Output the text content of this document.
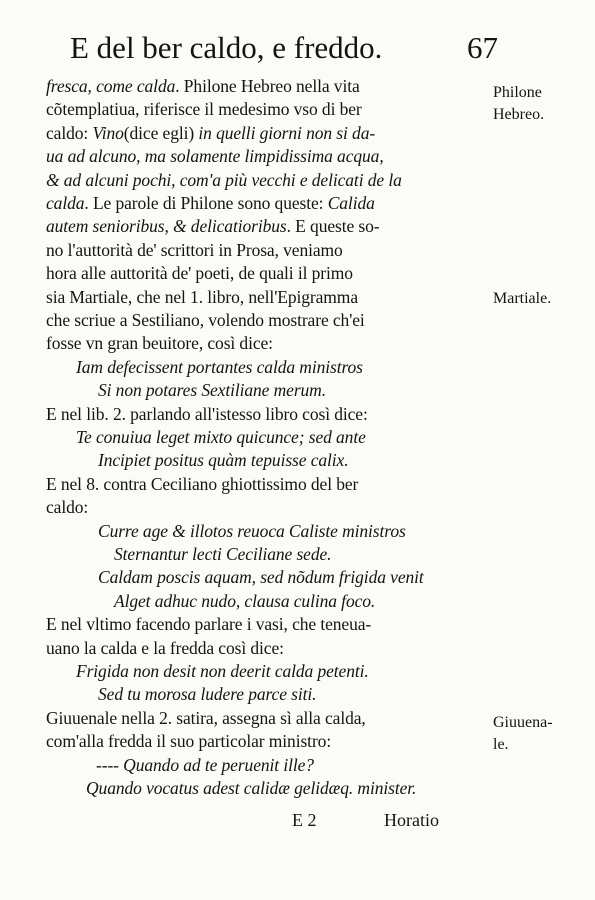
E del ber caldo, e freddo.	67
fresca, come calda. Philone Hebreo nella vita
cõtemplatiua, riferisce il medesimo vso di ber
caldo: Vino(dice egli) in quelli giorni non si da-
ua ad alcuno, ma solamente limpidissima acqua,
& ad alcuni pochi, com'a più vecchi e delicati de la
calda. Le parole di Philone sono queste: Calida
autem senioribus, & delicatioribus. E queste so-
no l'auttorità de' scrittori in Prosa, veniamo
hora alle auttorità de' poeti, de quali il primo
sia Martiale, che nel 1. libro, nell'Epigramma
che scriue a Sestiliano, volendo mostrare ch'ei
fosse vn gran beuitore, così dice:
Iam defecissent portantes calda ministros
Si non potares Sextiliane merum.
E nel lib. 2. parlando all'istesso libro così dice:
Te conuiua leget mixto quicunce; sed ante
Incipiet positus quàm tepuisse calix.
E nel 8. contra Ceciliano ghiottissimo del ber
caldo:
Curre age & illotos reuoca Caliste ministros
Sternantur lecti Ceciliane sede.
Caldam poscis aquam, sed nõdum frigida venit
Alget adhuc nudo, clausa culina foco.
E nel vltimo facendo parlare i vasi, che teneua-
uano la calda e la fredda così dice:
Frigida non desit non deerit calda petenti.
Sed tu morosa ludere parce siti.
Giuuenale nella 2. satira, assegna sì alla calda,
com'alla fredda il suo particolar ministro:
---- Quando ad te peruenit ille?
Quando vocatus adest calidæ gelidæq. minister.
Philone
Hebreo.
Martiale.
Giuuena-
le.
E 2	Horatio
